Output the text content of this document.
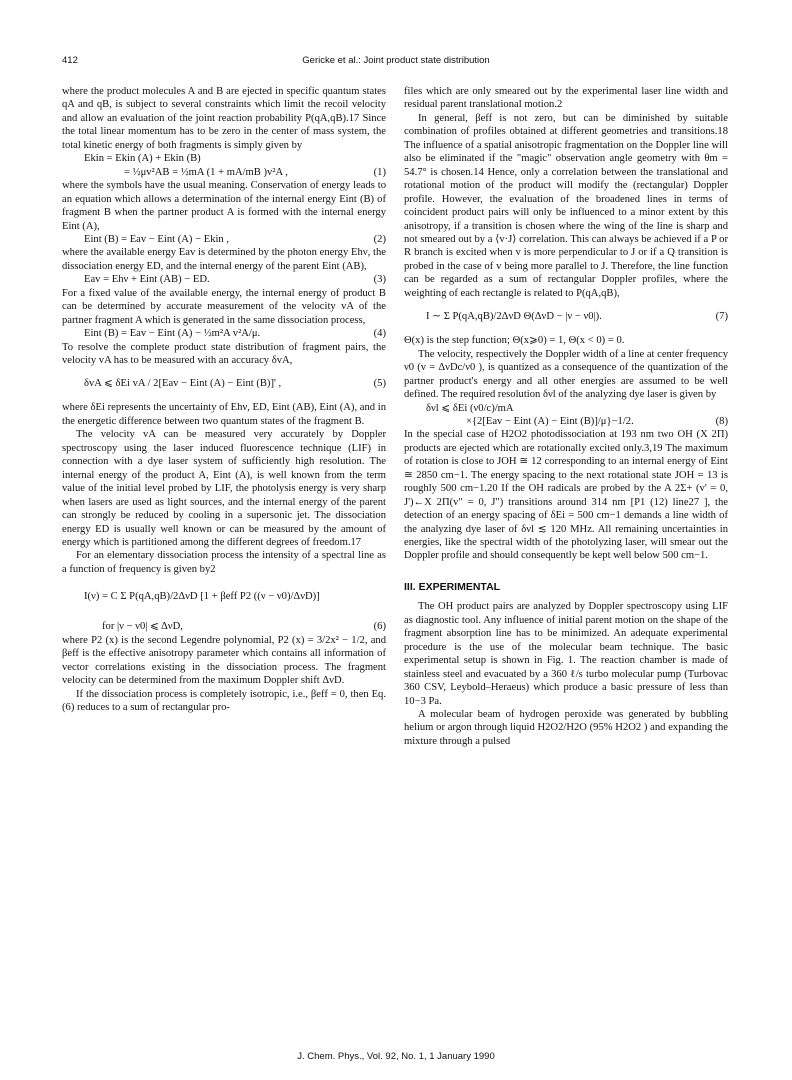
412	Gericke et al.: Joint product state distribution

where the product molecules A and B are ejected in specific quantum states qA and qB, is subject to several constraints which limit the recoil velocity and allow an evaluation of the joint reaction probability P(qA,qB).17 Since the total linear momentum has to be zero in the center of mass system, the total kinetic energy of both fragments is simply given by

Ekin = Ekin (A) + Ekin (B)
= ½μv²AB = ½mA (1 + mA/mB )v²A ,	(1)

where the symbols have the usual meaning. Conservation of energy leads to an equation which allows a determination of the internal energy Eint (B) of fragment B when the partner product A is formed with the internal energy Eint (A),

Eint (B) = Eav − Eint (A) − Ekin ,	(2)

where the available energy Eav is determined by the photon energy Ehν, the dissociation energy ED, and the internal energy of the parent Eint (AB),

Eav = Ehν + Eint (AB) − ED.	(3)

For a fixed value of the available energy, the internal energy of product B can be determined by accurate measurement of the velocity vA of the partner fragment A which is generated in the same dissociation process,

Eint (B) = Eav − Eint (A) − ½m²A v²A/μ.	(4)

To resolve the complete product state distribution of fragment pairs, the velocity vA has to be measured with an accuracy δvA,

δvA ⩽ δEi vA / 2[Eav − Eint (A) − Eint (B)]' ,	(5)

where δEi represents the uncertainty of Ehν, ED, Eint (AB), Eint (A), and in the energetic difference between two quantum states of the fragment B.

The velocity vA can be measured very accurately by Doppler spectroscopy using the laser induced fluorescence technique (LIF) in connection with a dye laser system of sufficiently high resolution. The internal energy of the product A, Eint (A), is well known from the term value of the initial level probed by LIF, the photolysis energy is very sharp when lasers are used as light sources, and the internal energy of the parent can strongly be reduced by cooling in a supersonic jet. The dissociation energy ED is usually well known or can be measured by the amount of energy which is partitioned among the different degrees of freedom.17

For an elementary dissociation process the intensity of a spectral line as a function of frequency is given by2

I(ν) = C Σ P(qA,qB)/2ΔνD [1 + βeff P2 ((ν − ν0)/ΔνD)]
for |ν − ν0| ⩽ ΔνD,	(6)

where P2 (x) is the second Legendre polynomial, P2 (x) = 3/2x² − 1/2, and βeff is the effective anisotropy parameter which contains all information of vector correlations existing in the dissociation process. The fragment velocity can be determined from the maximum Doppler shift ΔνD.

If the dissociation process is completely isotropic, i.e., βeff = 0, then Eq. (6) reduces to a sum of rectangular pro-

files which are only smeared out by the experimental laser line width and residual parent translational motion.2

In general, βeff is not zero, but can be diminished by suitable combination of profiles obtained at different geometries and transitions.18 The influence of a spatial anisotropic fragmentation on the Doppler line will also be eliminated if the "magic" observation angle geometry with θm = 54.7° is chosen.14 Hence, only a correlation between the translational and rotational motion of the product will modify the (rectangular) Doppler profile. However, the evaluation of the broadened lines in terms of coincident product pairs will only be influenced to a minor extent by this anisotropy, if a transition is chosen where the wing of the line is sharp and not smeared out by a ⟨v·J⟩ correlation. This can always be achieved if a P or R branch is excited when v is more perpendicular to J or if a Q transition is probed in the case of v being more parallel to J. Therefore, the line function can be regarded as a sum of rectangular Doppler profiles, where the weighting of each rectangle is related to P(qA,qB),

I ∼ Σ P(qA,qB)/2ΔνD Θ(ΔνD − |ν − ν0|).	(7)

Θ(x) is the step function; Θ(x⩾0) = 1, Θ(x < 0) = 0.

The velocity, respectively the Doppler width of a line at center frequency ν0 (v = ΔνDc/ν0 ), is quantized as a consequence of the quantization of the partner product's energy and all other energies are assumed to be well defined. The required resolution δνl of the analyzing dye laser is given by

δνl ⩽ δEi (ν0/c)/mA
×{2[Eav − Eint (A) − Eint (B)]/μ}−1/2.	(8)

In the special case of H2O2 photodissociation at 193 nm two OH (X 2Π) products are ejected which are rotationally excited only.3,19 The maximum of rotation is close to JOH ≅ 12 corresponding to an internal energy of Eint ≅ 2850 cm−1. The energy spacing to the next rotational state JOH = 13 is roughly 500 cm−1.20 If the OH radicals are probed by the A 2Σ+ (v' = 0, J')←X 2Π(v" = 0, J") transitions around 314 nm [P1 (12) line27 ], the detection of an energy spacing of δEi = 500 cm−1 demands a line width of the analyzing dye laser of δνl ≲ 120 MHz. All remaining uncertainties in energies, like the spectral width of the photolyzing laser, will smear out the Doppler profile and should consequently be kept well below 500 cm−1.

III. EXPERIMENTAL

The OH product pairs are analyzed by Doppler spectroscopy using LIF as diagnostic tool. Any influence of initial parent motion on the shape of the fragment absorption line has to be minimized. An adequate experimental procedure is the use of the molecular beam technique. The basic experimental setup is shown in Fig. 1. The reaction chamber is made of stainless steel and evacuated by a 360 ℓ/s turbo molecular pump (Turbovac 360 CSV, Leybold–Heraeus) which produce a basic pressure of less than 10−3 Pa.

A molecular beam of hydrogen peroxide was generated by bubbling helium or argon through liquid H2O2/H2O (95% H2O2 ) and expanding the mixture through a pulsed

J. Chem. Phys., Vol. 92, No. 1, 1 January 1990
